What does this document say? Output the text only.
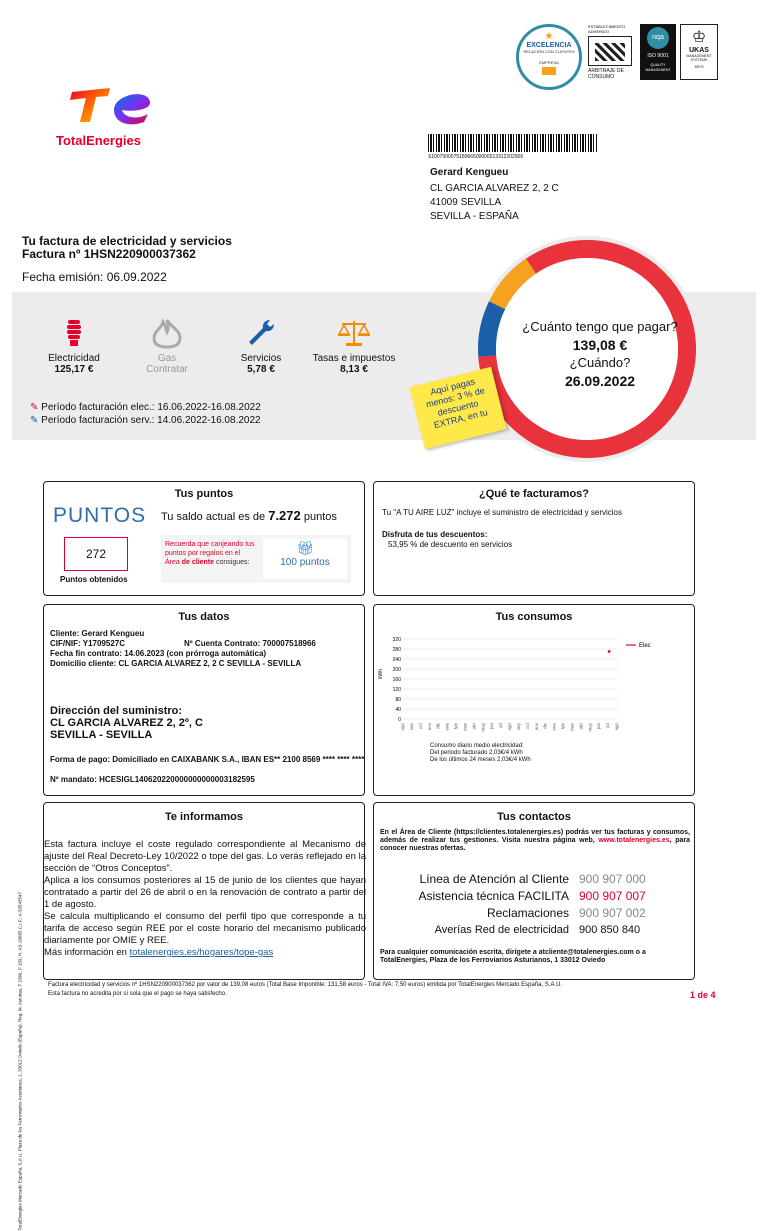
TotalEnergies
★
EXCELENCIA
RELACIÓN CON CLIENTES
EMPRESA
ESTABLECIMIENTO ADHERIDO
ARBITRAJE DE CONSUMO
nqa
ISO 9001
QUALITY MANAGEMENT
♔
UKAS
MANAGEMENT SYSTEMS
8579
S100700007518966500006513312202906
Gerard Kengueu
CL GARCIA ALVAREZ 2, 2 C
41009 SEVILLA
SEVILLA - ESPAÑA
Tu factura de electricidad y servicios
Factura nº 1HSN220900037362
Fecha emisión: 06.09.2022
Electricidad
125,17 €
Gas
Contratar
Servicios
5,78 €
Tasas e impuestos
8,13 €
✎ Período facturación elec.: 16.06.2022-16.08.2022
✎ Período facturación serv.: 14.06.2022-16.08.2022
¿Cuánto tengo que pagar?
139,08 €
¿Cuándo?
26.09.2022
Aquí pagas menos: 3 % de descuento EXTRA, en tu
Tus puntos
PUNTOS Tu saldo actual es de 7.272 puntos
272
Puntos obtenidos
Recuerda que canjeando tus puntos por regalos en el Área de cliente consigues:
🎁︎
100 puntos
¿Qué te facturamos?
Tu "A TU AIRE LUZ" incluye el suministro de electricidad y servicios
Disfruta de tus descuentos:
53,95 % de descuento en servicios
Tus datos
Cliente: Gerard Kengueu
CIF/NIF: Y1709527C	Nº Cuenta Contrato: 700007518966
Fecha fin contrato: 14.06.2023 (con prórroga automática)
Domicilio cliente: CL GARCIA ALVAREZ 2, 2 C SEVILLA - SEVILLA
Dirección del suministro:
CL GARCIA ALVAREZ 2, 2º, C
SEVILLA - SEVILLA
Forma de pago: Domiciliado en CAIXABANK S.A., IBAN ES** 2100 8569 **** **** ****
Nº mandato: HCESIGL140620220000000000003182595
Tus consumos
0
40
80
120
160
200
240
280
320
kWh
ago sep oct nov dic ene feb mar abr may jun jul ago sep oct nov dic ene feb mar abr may jun jul ago
Elec
Consumo diario medio electricidad:
Del periodo facturado 2,03€/4 kWh
De los últimos 24 meses 2,03€/4 kWh
Te informamos
Esta factura incluye el coste regulado correspondiente al Mecanismo de ajuste del Real Decreto-Ley 10/2022 o tope del gas. Lo verás reflejado en la sección de “Otros Conceptos”.
Aplica a los consumos posteriores al 15 de junio de los clientes que hayan contratado a partir del 26 de abril o en la renovación de contrato a partir del 1 de agosto.
Se calcula multiplicando el consumo del perfil tipo que corresponde a tu tarifa de acceso según REE por el coste horario del mecanismo publicado diariamente por OMIE y REE.
Más información en totalenergies.es/hogares/tope-gas
Tus contactos
En el Área de Cliente (https://clientes.totalenergies.es) podrás ver tus facturas y consumos, además de realizar tus gestiones. Visita nuestra página web, www.totalenergies.es, para conocer nuestras ofertas.
Línea de Atención al Cliente 900 907 000
Asistencia técnica FACILITA 900 907 007
Reclamaciones 900 907 002
Averías Red de electricidad 900 850 840
Para cualquier comunicación escrita, dirígete a atcliente@totalenergies.com o a TotalEnergies, Plaza de los Ferroviarios Asturianos, 1 33012 Oviedo
TotalEnergies Mercado España, S.A.U. Plaza de los Ferroviarios Asturianos, 1, 33012 Oviedo (España). Reg. M. Asturias, T 2366, F 159, H. AS-18665 C.I.F.: A-33543547	Factura electricidad y servicios nº 1HSN220900037362 por valor de 139,08 euros (Total Base Imponible: 131,58 euros - Total IVA: 7,50 euros) emitida por TotalEnergies Mercado España, S.A.U.
Esta factura no acredita por sí sola que el pago se haya satisfecho.	1 de 4
